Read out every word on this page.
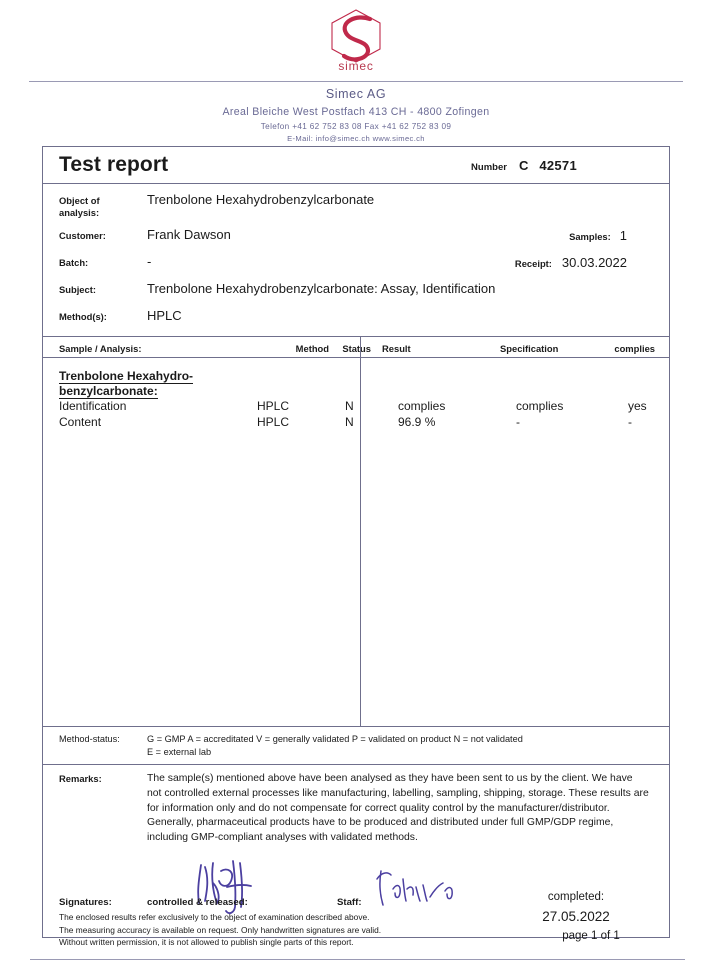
simec
Simec AG
Areal Bleiche West Postfach 413 CH - 4800 Zofingen
Telefon +41 62 752 83 08 Fax +41 62 752 83 09
E-Mail: info@simec.ch www.simec.ch
Test report	Number C 42571
Object of
analysis:
Trenbolone Hexahydrobenzylcarbonate
Customer:	Frank Dawson	Samples: 1
Batch:	-	Receipt: 30.03.2022
Subject:	Trenbolone Hexahydrobenzylcarbonate: Assay, Identification
Method(s):	HPLC
Sample / Analysis:	Method	Status	Result	Specification	complies
Trenbolone Hexahydro-
benzylcarbonate:
Identification	HPLC	N	complies	complies	yes
Content	HPLC	N	96.9 %	-	-
Method-status:	G = GMP A = accreditated V = generally validated P = validated on product N = not validated
E = external lab
Remarks:	The sample(s) mentioned above have been analysed as they have been sent to us by the client. We have not controlled external processes like manufacturing, labelling, sampling, shipping, storage. These results are for information only and do not compensate for correct quality control by the manufacturer/distributor. Generally, pharmaceutical products have to be produced and distributed under full GMP/GDP regime, including GMP-compliant analyses with validated methods.
Signatures:	controlled & released:	Staff:
The enclosed results refer exclusively to the object of examination described above.
The measuring accuracy is available on request. Only handwritten signatures are valid.
Without written permission, it is not allowed to publish single parts of this report.
completed:
27.05.2022
page 1 of 1
